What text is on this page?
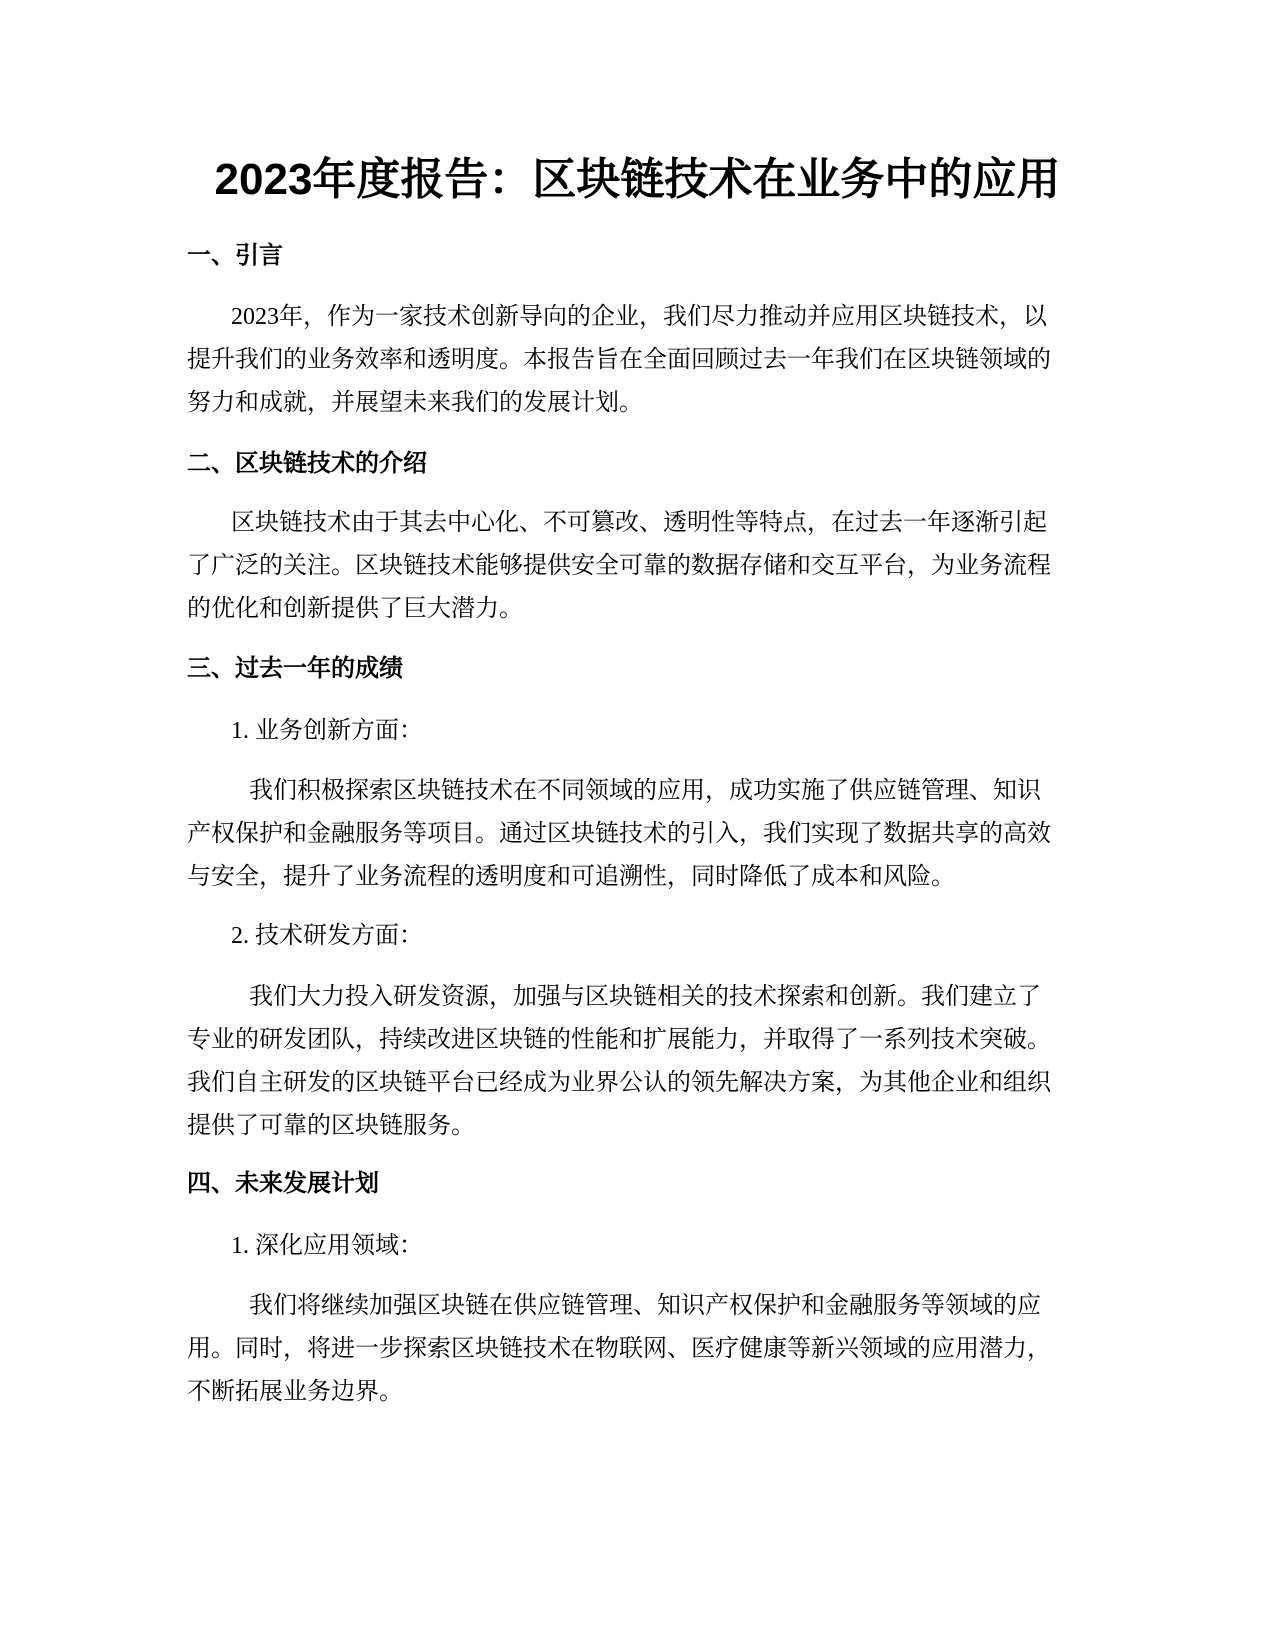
2023年度报告：区块链技术在业务中的应用
一、引言

2023年，作为一家技术创新导向的企业，我们尽力推动并应用区块链技术，以
提升我们的业务效率和透明度。本报告旨在全面回顾过去一年我们在区块链领域的
努力和成就，并展望未来我们的发展计划。

二、区块链技术的介绍

区块链技术由于其去中心化、不可篡改、透明性等特点，在过去一年逐渐引起
了广泛的关注。区块链技术能够提供安全可靠的数据存储和交互平台，为业务流程
的优化和创新提供了巨大潜力。

三、过去一年的成绩
1. 业务创新方面：

我们积极探索区块链技术在不同领域的应用，成功实施了供应链管理、知识
产权保护和金融服务等项目。通过区块链技术的引入，我们实现了数据共享的高效
与安全，提升了业务流程的透明度和可追溯性，同时降低了成本和风险。

2. 技术研发方面：

我们大力投入研发资源，加强与区块链相关的技术探索和创新。我们建立了
专业的研发团队，持续改进区块链的性能和扩展能力，并取得了一系列技术突破。
我们自主研发的区块链平台已经成为业界公认的领先解决方案，为其他企业和组织
提供了可靠的区块链服务。

四、未来发展计划
1. 深化应用领域：

我们将继续加强区块链在供应链管理、知识产权保护和金融服务等领域的应
用。同时，将进一步探索区块链技术在物联网、医疗健康等新兴领域的应用潜力，
不断拓展业务边界。
